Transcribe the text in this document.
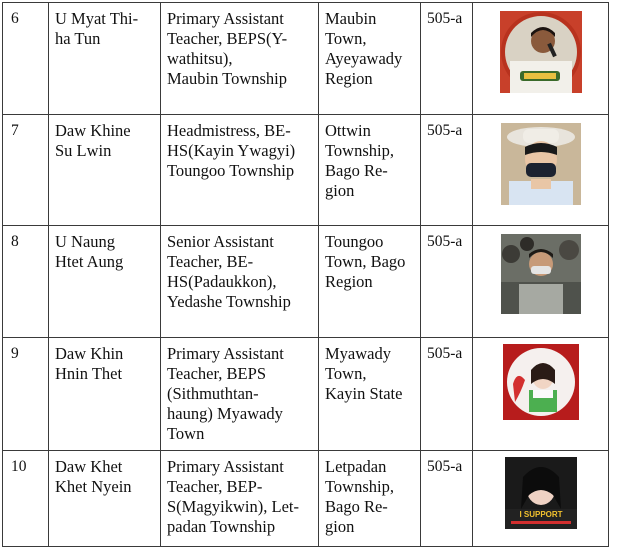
6	U Myat Thi-
ha Tun	Primary Assistant
Teacher, BEPS(Y-
wathitsu),
Maubin Township	Maubin
Town,
Ayeyawady
Region	505-a	

7	Daw Khine
Su Lwin	Headmistress, BE-
HS(Kayin Ywagyi)
Toungoo Township	Ottwin
Township,
Bago Re-
gion	505-a	

8	U Naung
Htet Aung	Senior Assistant
Teacher, BE-
HS(Padaukkon),
Yedashe Township	Toungoo
Town, Bago
Region	505-a	

9	Daw Khin
Hnin Thet	Primary Assistant
Teacher, BEPS
(Sithmuthtan-
haung) Myawady
Town	Myawady
Town,
Kayin State	505-a	

10	Daw Khet
Khet Nyein	Primary Assistant
Teacher, BEP-
S(Magyikwin), Let-
padan Township	Letpadan
Township,
Bago Re-
gion	505-a	I SUPPORT
